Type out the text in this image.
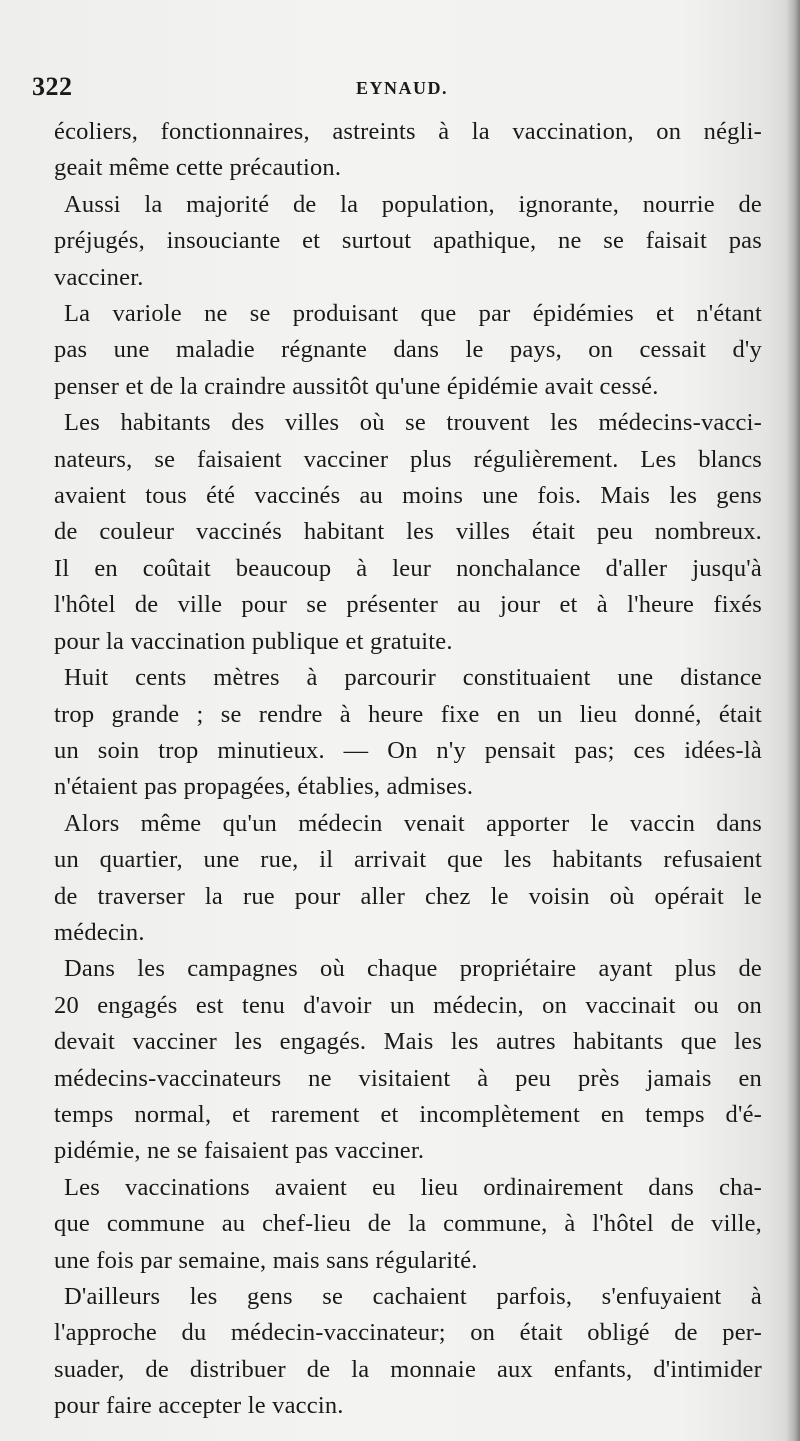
322	EYNAUD.
écoliers, fonctionnaires, astreints à la vaccination, on négli-
geait même cette précaution.
Aussi la majorité de la population, ignorante, nourrie de
préjugés, insouciante et surtout apathique, ne se faisait pas
vacciner.
La variole ne se produisant que par épidémies et n'étant
pas une maladie régnante dans le pays, on cessait d'y
penser et de la craindre aussitôt qu'une épidémie avait cessé.
Les habitants des villes où se trouvent les médecins-vacci-
nateurs, se faisaient vacciner plus régulièrement. Les blancs
avaient tous été vaccinés au moins une fois. Mais les gens
de couleur vaccinés habitant les villes était peu nombreux.
Il en coûtait beaucoup à leur nonchalance d'aller jusqu'à
l'hôtel de ville pour se présenter au jour et à l'heure fixés
pour la vaccination publique et gratuite.
Huit cents mètres à parcourir constituaient une distance
trop grande ; se rendre à heure fixe en un lieu donné, était
un soin trop minutieux. — On n'y pensait pas; ces idées-là
n'étaient pas propagées, établies, admises.
Alors même qu'un médecin venait apporter le vaccin dans
un quartier, une rue, il arrivait que les habitants refusaient
de traverser la rue pour aller chez le voisin où opérait le
médecin.
Dans les campagnes où chaque propriétaire ayant plus de
20 engagés est tenu d'avoir un médecin, on vaccinait ou on
devait vacciner les engagés. Mais les autres habitants que les
médecins-vaccinateurs ne visitaient à peu près jamais en
temps normal, et rarement et incomplètement en temps d'é-
pidémie, ne se faisaient pas vacciner.
Les vaccinations avaient eu lieu ordinairement dans cha-
que commune au chef-lieu de la commune, à l'hôtel de ville,
une fois par semaine, mais sans régularité.
D'ailleurs les gens se cachaient parfois, s'enfuyaient à
l'approche du médecin-vaccinateur; on était obligé de per-
suader, de distribuer de la monnaie aux enfants, d'intimider
pour faire accepter le vaccin.
